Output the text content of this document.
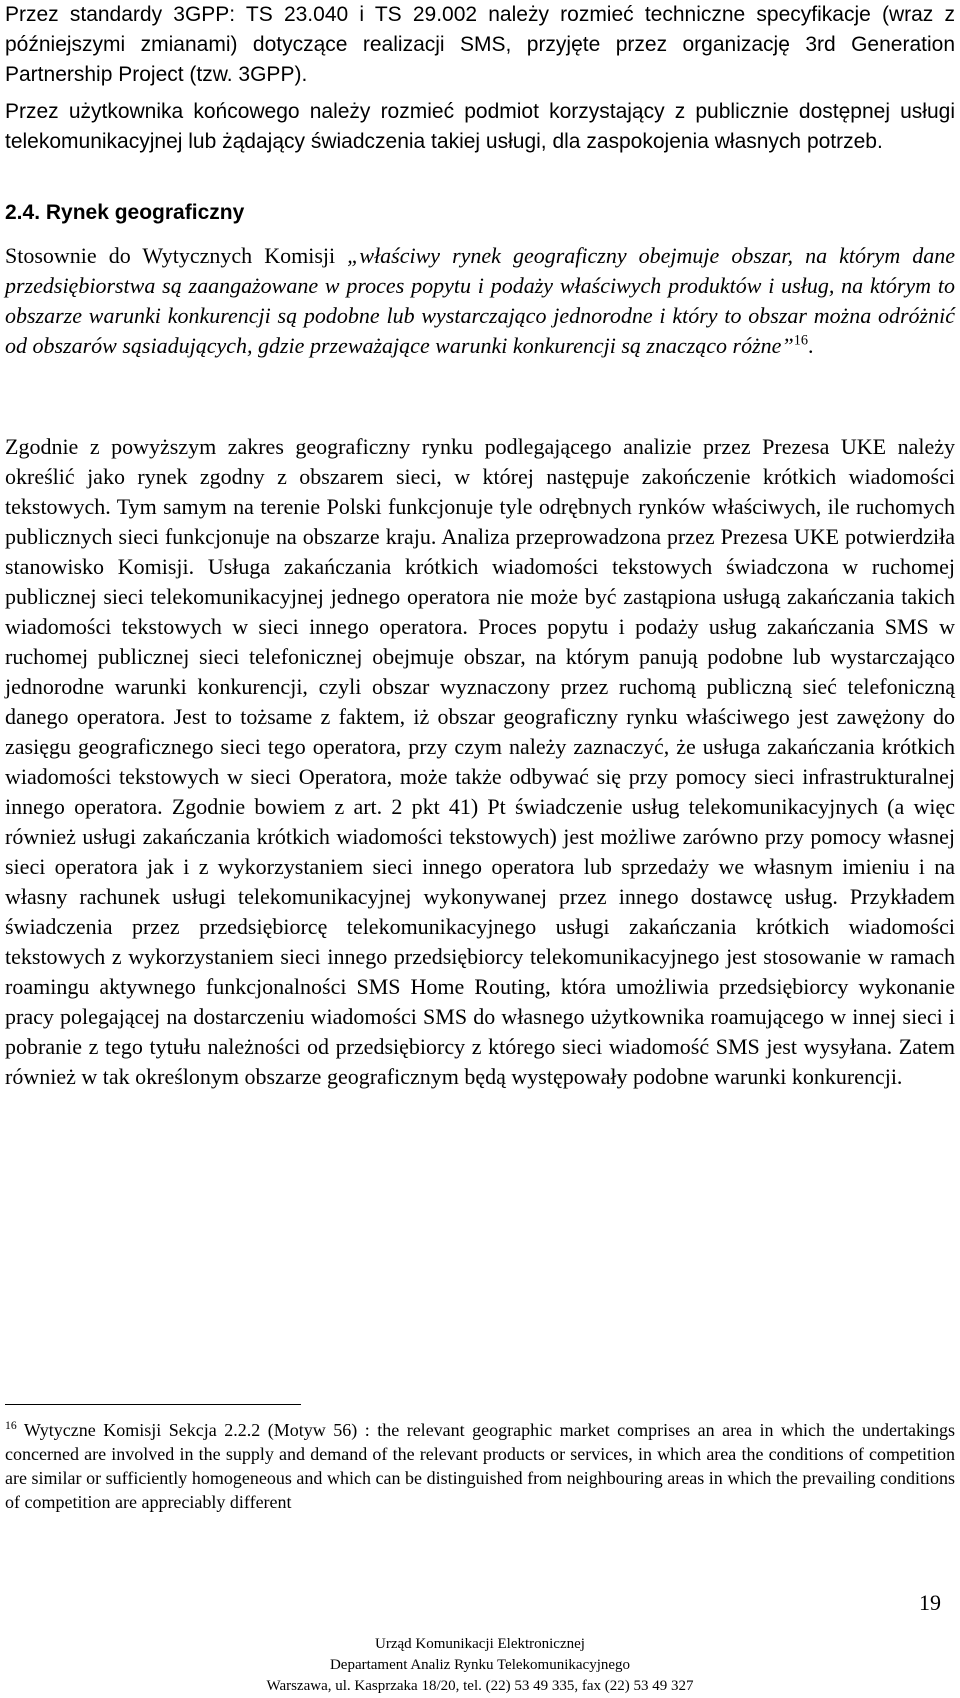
Przez standardy 3GPP: TS 23.040 i TS 29.002 należy rozmieć techniczne specyfikacje (wraz z późniejszymi zmianami) dotyczące realizacji SMS, przyjęte przez organizację 3rd Generation Partnership Project (tzw. 3GPP).

Przez użytkownika końcowego należy rozmieć podmiot korzystający z publicznie dostępnej usługi telekomunikacyjnej lub żądający świadczenia takiej usługi, dla zaspokojenia własnych potrzeb.

2.4. Rynek geograficzny

Stosownie do Wytycznych Komisji „właściwy rynek geograficzny obejmuje obszar, na którym dane przedsiębiorstwa są zaangażowane w proces popytu i podaży właściwych produktów i usług, na którym to obszarze warunki konkurencji są podobne lub wystarczająco jednorodne i który to obszar można odróżnić od obszarów sąsiadujących, gdzie przeważające warunki konkurencji są znacząco różne”$^{16}$.

Zgodnie z powyższym zakres geograficzny rynku podlegającego analizie przez Prezesa UKE należy określić jako rynek zgodny z obszarem sieci, w której następuje zakończenie krótkich wiadomości tekstowych. Tym samym na terenie Polski funkcjonuje tyle odrębnych rynków właściwych, ile ruchomych publicznych sieci funkcjonuje na obszarze kraju. Analiza przeprowadzona przez Prezesa UKE potwierdziła stanowisko Komisji. Usługa zakańczania krótkich wiadomości tekstowych świadczona w ruchomej publicznej sieci telekomunikacyjnej jednego operatora nie może być zastąpiona usługą zakańczania takich wiadomości tekstowych w sieci innego operatora. Proces popytu i podaży usług zakańczania SMS w ruchomej publicznej sieci telefonicznej obejmuje obszar, na którym panują podobne lub wystarczająco jednorodne warunki konkurencji, czyli obszar wyznaczony przez ruchomą publiczną sieć telefoniczną danego operatora. Jest to tożsame z faktem, iż obszar geograficzny rynku właściwego jest zawężony do zasięgu geograficznego sieci tego operatora, przy czym należy zaznaczyć, że usługa zakańczania krótkich wiadomości tekstowych w sieci Operatora, może także odbywać się przy pomocy sieci infrastrukturalnej innego operatora. Zgodnie bowiem z art. 2 pkt 41) Pt świadczenie usług telekomunikacyjnych (a więc również usługi zakańczania krótkich wiadomości tekstowych) jest możliwe zarówno przy pomocy własnej sieci operatora jak i z wykorzystaniem sieci innego operatora lub sprzedaży we własnym imieniu i na własny rachunek usługi telekomunikacyjnej wykonywanej przez innego dostawcę usług. Przykładem świadczenia przez przedsiębiorcę telekomunikacyjnego usługi zakańczania krótkich wiadomości tekstowych z wykorzystaniem sieci innego przedsiębiorcy telekomunikacyjnego jest stosowanie w ramach roamingu aktywnego funkcjonalności SMS Home Routing, która umożliwia przedsiębiorcy wykonanie pracy polegającej na dostarczeniu wiadomości SMS do własnego użytkownika roamującego w innej sieci i pobranie z tego tytułu należności od przedsiębiorcy z którego sieci wiadomość SMS jest wysyłana. Zatem również w tak określonym obszarze geograficznym będą występowały podobne warunki konkurencji.

$^{16}$ Wytyczne Komisji Sekcja 2.2.2 (Motyw 56) : the relevant geographic market comprises an area in which the undertakings concerned are involved in the supply and demand of the relevant products or services, in which area the conditions of competition are similar or sufficiently homogeneous and which can be distinguished from neighbouring areas in which the prevailing conditions of competition are appreciably different

19
Urząd Komunikacji Elektronicznej
Departament Analiz Rynku Telekomunikacyjnego
Warszawa, ul. Kasprzaka 18/20, tel. (22) 53 49 335, fax (22) 53 49 327
